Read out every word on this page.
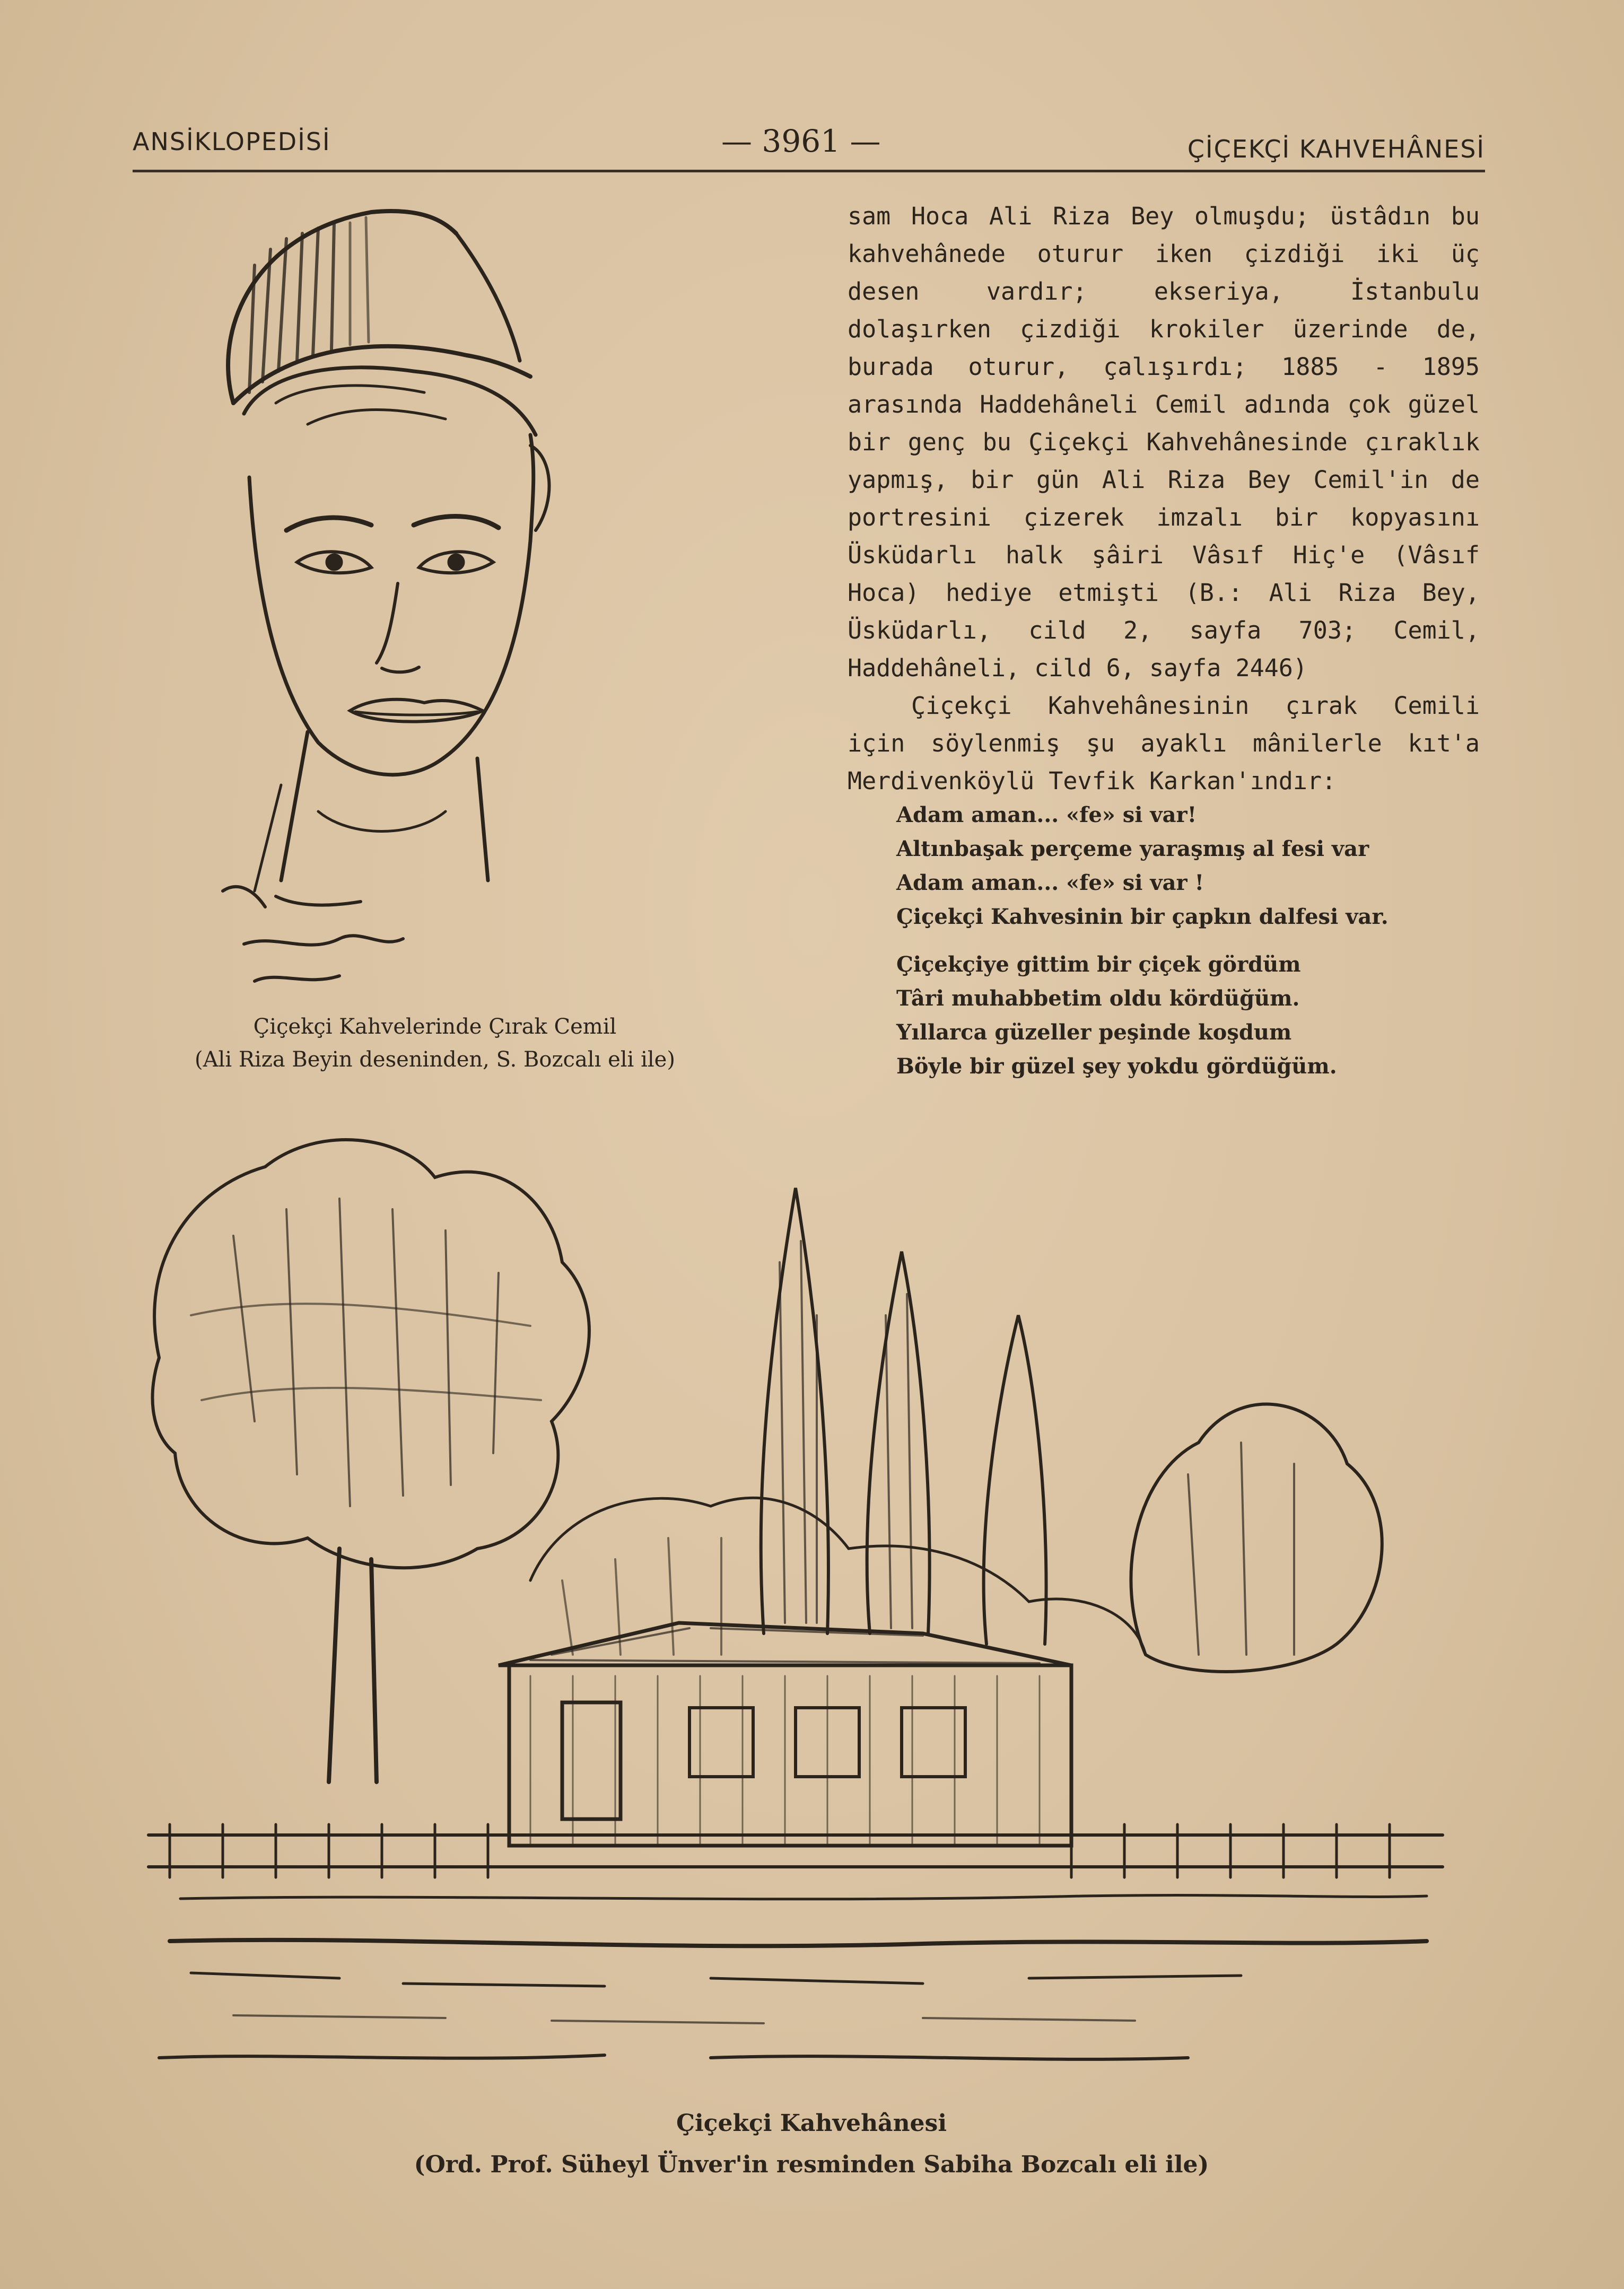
ANSİKLOPEDİSİ	— 3961 —	ÇİÇEKÇİ KAHVEHÂNESİ
Çiçekçi Kahvelerinde Çırak Cemil
(Ali Riza Beyin deseninden, S. Bozcalı eli ile)

sam Hoca Ali Riza Bey olmuşdu; üstâdın bu kahvehânede oturur iken çizdiği iki üç desen vardır; ekseriya, İstanbulu dolaşırken çizdiği krokiler üzerinde de, burada oturur, çalışırdı; 1885 - 1895 arasında Haddehâneli Cemil adında çok güzel bir genç bu Çiçekçi Kahvehânesinde çıraklık yapmış, bir gün Ali Riza Bey Cemil'in de portresini çizerek imzalı bir kopyasını Üsküdarlı halk şâiri Vâsıf Hiç'e (Vâsıf Hoca) hediye etmişti (B.: Ali Riza Bey, Üsküdarlı, cild 2, sayfa 703; Cemil, Haddehâneli, cild 6, sayfa 2446)

Çiçekçi Kahvehânesinin çırak Cemili için söylenmiş şu ayaklı mânilerle kıt'a Merdivenköylü Tevfik Karkan'ındır:

Adam aman... «fe» si var!
Altınbaşak perçeme yaraşmış al fesi var
Adam aman... «fe» si var !
Çiçekçi Kahvesinin bir çapkın dalfesi var.
Çiçekçiye gittim bir çiçek gördüm
Târi muhabbetim oldu kördüğüm.
Yıllarca güzeller peşinde koşdum
Böyle bir güzel şey yokdu gördüğüm.
Çiçekçi Kahvehânesi
(Ord. Prof. Süheyl Ünver'in resminden Sabiha Bozcalı eli ile)
